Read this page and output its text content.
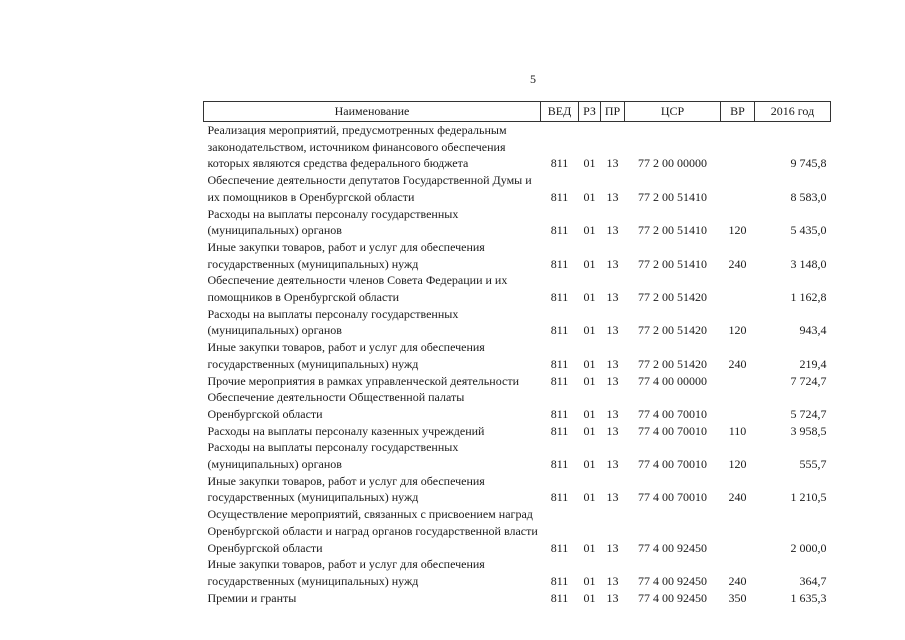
5
Наименование	ВЕД	РЗ	ПР	ЦСР	ВР	2016 год
Реализация мероприятий, предусмотренных федеральным законодательством, источником финансового обеспечения которых являются средства федерального бюджета	811	01	13	77 2 00 00000		9 745,8
Обеспечение деятельности депутатов Государственной Думы и их помощников в Оренбургской области	811	01	13	77 2 00 51410		8 583,0
Расходы на выплаты персоналу государственных (муниципальных) органов	811	01	13	77 2 00 51410	120	5 435,0
Иные закупки товаров, работ и услуг для обеспечения государственных (муниципальных) нужд	811	01	13	77 2 00 51410	240	3 148,0
Обеспечение деятельности членов Совета Федерации и их помощников в Оренбургской области	811	01	13	77 2 00 51420		1 162,8
Расходы на выплаты персоналу государственных (муниципальных) органов	811	01	13	77 2 00 51420	120	943,4
Иные закупки товаров, работ и услуг для обеспечения государственных (муниципальных) нужд	811	01	13	77 2 00 51420	240	219,4
Прочие мероприятия в рамках управленческой деятельности	811	01	13	77 4 00 00000		7 724,7
Обеспечение деятельности Общественной палаты Оренбургской области	811	01	13	77 4 00 70010		5 724,7
Расходы на выплаты персоналу казенных учреждений	811	01	13	77 4 00 70010	110	3 958,5
Расходы на выплаты персоналу государственных (муниципальных) органов	811	01	13	77 4 00 70010	120	555,7
Иные закупки товаров, работ и услуг для обеспечения государственных (муниципальных) нужд	811	01	13	77 4 00 70010	240	1 210,5
Осуществление мероприятий, связанных с присвоением наград Оренбургской области и наград органов государственной власти Оренбургской области	811	01	13	77 4 00 92450		2 000,0
Иные закупки товаров, работ и услуг для обеспечения государственных (муниципальных) нужд	811	01	13	77 4 00 92450	240	364,7
Премии и гранты	811	01	13	77 4 00 92450	350	1 635,3
